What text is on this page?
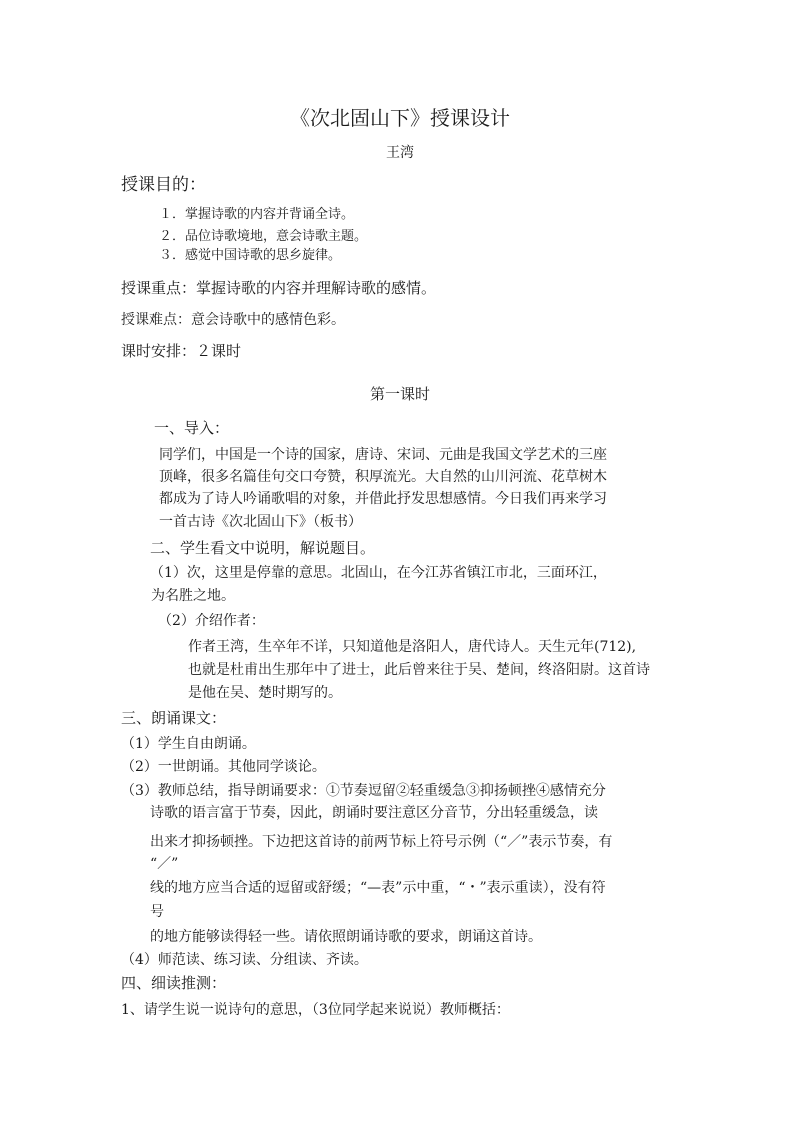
《次北固山下》授课设计
王湾
授课目的：
１．掌握诗歌的内容并背诵全诗。
２．品位诗歌境地，意会诗歌主题。
３．感觉中国诗歌的思乡旋律。
授课重点：掌握诗歌的内容并理解诗歌的感情。
授课难点：意会诗歌中的感情色彩。
课时安排：２课时
第一课时
一、导入：
同学们，中国是一个诗的国家，唐诗、宋词、元曲是我国文学艺术的三座
顶峰，很多名篇佳句交口夸赞，积厚流光。大自然的山川河流、花草树木
都成为了诗人吟诵歌唱的对象，并借此抒发思想感情。今日我们再来学习
一首古诗《次北固山下》（板书）
二、学生看文中说明，解说题目。
（1）次，这里是停靠的意思。北固山，在今江苏省镇江市北，三面环江，
为名胜之地。
（2）介绍作者：
作者王湾，生卒年不详，只知道他是洛阳人，唐代诗人。天生元年(712),
也就是杜甫出生那年中了进士，此后曾来往于吴、楚间，终洛阳尉。这首诗
是他在吴、楚时期写的。
三、朗诵课文：
（1）学生自由朗诵。
（2）一世朗诵。其他同学谈论。
（3）教师总结，指导朗诵要求：①节奏逗留②轻重缓急③抑扬顿挫④感情充分
诗歌的语言富于节奏，因此，朗诵时要注意区分音节，分出轻重缓急，读
出来才抑扬顿挫。下边把这首诗的前两节标上符号示例（“／”表示节奏，有
“／”
线的地方应当合适的逗留或舒缓；“—表”示中重，“・”表示重读），没有符
号
的地方能够读得轻一些。请依照朗诵诗歌的要求，朗诵这首诗。
（4）师范读、练习读、分组读、齐读。
四、细读推测：
1、请学生说一说诗句的意思，（3位同学起来说说）教师概括：
